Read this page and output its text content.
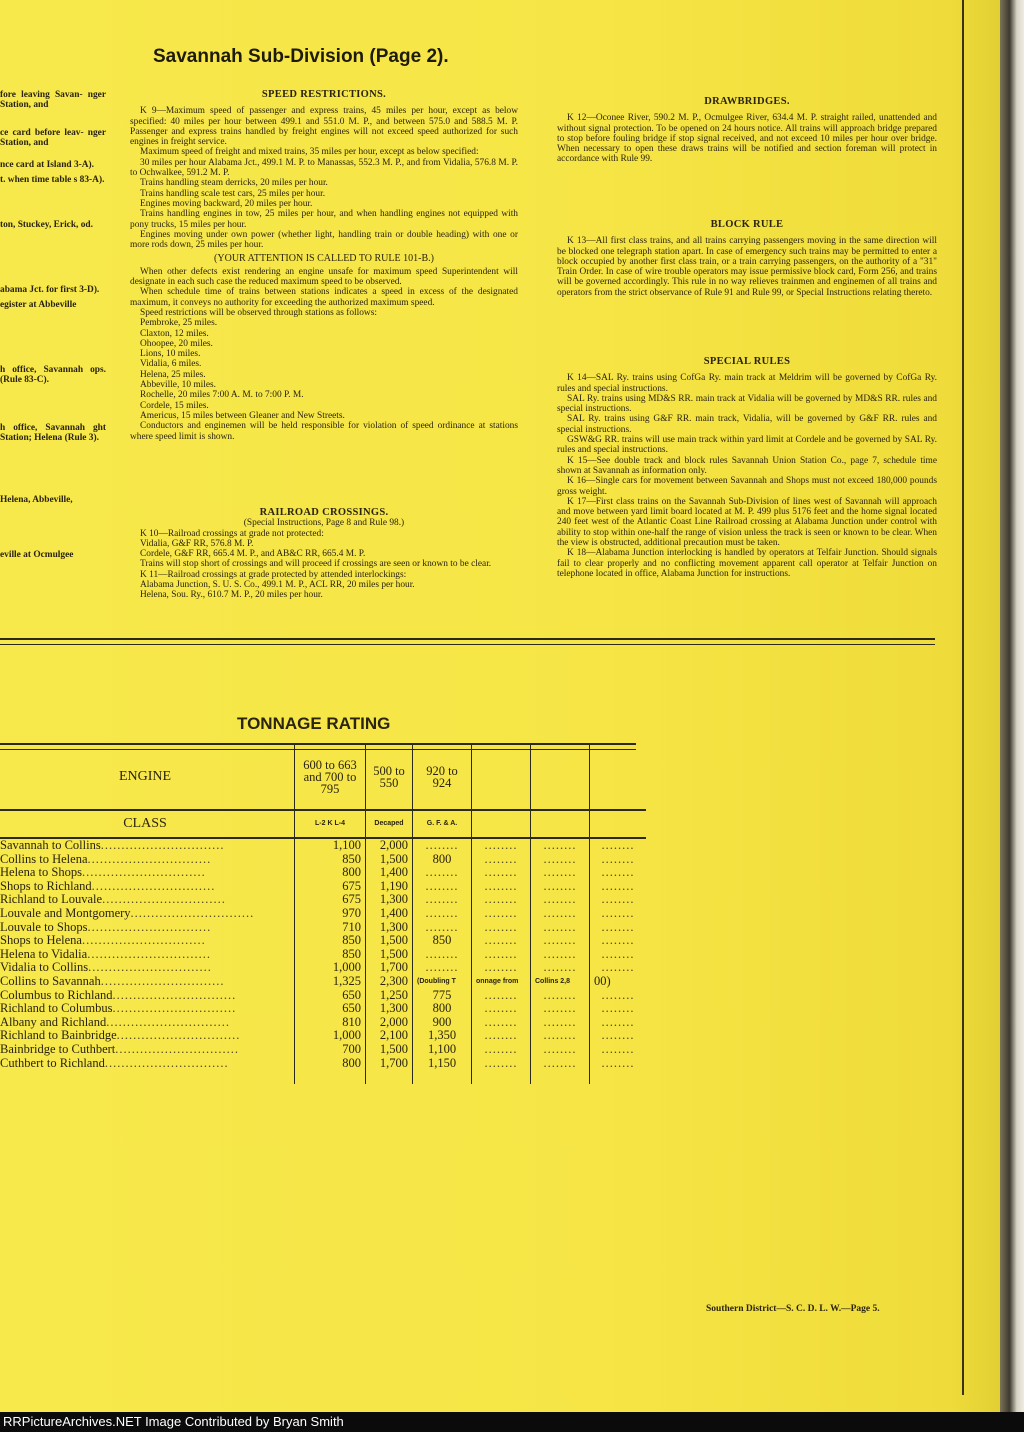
Savannah Sub-Division (Page 2).
SPEED RESTRICTIONS.

K 9—Maximum speed of passenger and express trains, 45 miles per hour, except as below specified: 40 miles per hour between 499.1 and 551.0 M. P., and between 575.0 and 588.5 M. P. Passenger and express trains handled by freight engines will not exceed speed authorized for such engines in freight service.

Maximum speed of freight and mixed trains, 35 miles per hour, except as below specified:

30 miles per hour Alabama Jct., 499.1 M. P. to Manassas, 552.3 M. P., and from Vidalia, 576.8 M. P. to Ochwalkee, 591.2 M. P.

Trains handling steam derricks, 20 miles per hour.

Trains handling scale test cars, 25 miles per hour.

Engines moving backward, 20 miles per hour.

Trains handling engines in tow, 25 miles per hour, and when handling engines not equipped with pony trucks, 15 miles per hour.

Engines moving under own power (whether light, handling train or double heading) with one or more rods down, 25 miles per hour.

(YOUR ATTENTION IS CALLED TO RULE 101-B.)

When other defects exist rendering an engine unsafe for maximum speed Superintendent will designate in each such case the reduced maximum speed to be observed.

When schedule time of trains between stations indicates a speed in excess of the designated maximum, it conveys no authority for exceeding the authorized maximum speed.

Speed restrictions will be observed through stations as follows:

Pembroke, 25 miles.

Claxton, 12 miles.

Ohoopee, 20 miles.

Lions, 10 miles.

Vidalia, 6 miles.

Helena, 25 miles.

Abbeville, 10 miles.

Rochelle, 20 miles 7:00 A. M. to 7:00 P. M.

Cordele, 15 miles.

Americus, 15 miles between Gleaner and New Streets.

Conductors and enginemen will be held responsible for violation of speed ordinance at stations where speed limit is shown.

RAILROAD CROSSINGS.

(Special Instructions, Page 8 and Rule 98.)

K 10—Railroad crossings at grade not protected:

Vidalia, G&F RR, 576.8 M. P.

Cordele, G&F RR, 665.4 M. P., and AB&C RR, 665.4 M. P.

Trains will stop short of crossings and will proceed if crossings are seen or known to be clear.

K 11—Railroad crossings at grade protected by attended interlockings:

Alabama Junction, S. U. S. Co., 499.1 M. P., ACL RR, 20 miles per hour.

Helena, Sou. Ry., 610.7 M. P., 20 miles per hour.

DRAWBRIDGES.

K 12—Oconee River, 590.2 M. P., Ocmulgee River, 634.4 M. P. straight railed, unattended and without signal protection. To be opened on 24 hours notice. All trains will approach bridge prepared to stop before fouling bridge if stop signal received, and not exceed 10 miles per hour over bridge. When necessary to open these draws trains will be notified and section foreman will protect in accordance with Rule 99.

BLOCK RULE

K 13—All first class trains, and all trains carrying passengers moving in the same direction will be blocked one telegraph station apart. In case of emergency such trains may be permitted to enter a block occupied by another first class train, or a train carrying passengers, on the authority of a "31" Train Order. In case of wire trouble operators may issue permissive block card, Form 256, and trains will be governed accordingly. This rule in no way relieves trainmen and enginemen of all trains and operators from the strict observance of Rule 91 and Rule 99, or Special Instructions relating thereto.

SPECIAL RULES

K 14—SAL Ry. trains using CofGa Ry. main track at Meldrim will be governed by CofGa Ry. rules and special instructions.

SAL Ry. trains using MD&S RR. main track at Vidalia will be governed by MD&S RR. rules and special instructions.

SAL Ry. trains using G&F RR. main track, Vidalia, will be governed by G&F RR. rules and special instructions.

GSW&G RR. trains will use main track within yard limit at Cordele and be governed by SAL Ry. rules and special instructions.

K 15—See double track and block rules Savannah Union Station Co., page 7, schedule time shown at Savannah as information only.

K 16—Single cars for movement between Savannah and Shops must not exceed 180,000 pounds gross weight.

K 17—First class trains on the Savannah Sub-Division of lines west of Savannah will approach and move between yard limit board located at M. P. 499 plus 5176 feet and the home signal located 240 feet west of the Atlantic Coast Line Railroad crossing at Alabama Junction under control with ability to stop within one-half the range of vision unless the track is seen or known to be clear. When the view is obstructed, additional precaution must be taken.

K 18—Alabama Junction interlocking is handled by operators at Telfair Junction. Should signals fail to clear properly and no conflicting movement apparent call operator at Telfair Junction on telephone located in office, Alabama Junction for instructions.

TONNAGE RATING
ENGINE	600 to 663 and 700 to 795	500 to 550	920 to 924			
CLASS	L-2 K L-4	Decaped	G. F. & A.			
Savannah to Collins..............................	1,100	2,000	........	........	........	........
Collins to Helena..............................	850	1,500	800	........	........	........
Helena to Shops..............................	800	1,400	........	........	........	........
Shops to Richland..............................	675	1,190	........	........	........	........
Richland to Louvale..............................	675	1,300	........	........	........	........
Louvale and Montgomery..............................	970	1,400	........	........	........	........
Louvale to Shops..............................	710	1,300	........	........	........	........
Shops to Helena..............................	850	1,500	850	........	........	........
Helena to Vidalia..............................	850	1,500	........	........	........	........
Vidalia to Collins..............................	1,000	1,700	........	........	........	........
Collins to Savannah..............................	1,325	2,300	(Doubling T	onnage from	Collins 2,8	00)
Columbus to Richland..............................	650	1,250	775	........	........	........
Richland to Columbus..............................	650	1,300	800	........	........	........
Albany and Richland..............................	810	2,000	900	........	........	........
Richland to Bainbridge..............................	1,000	2,100	1,350	........	........	........
Bainbridge to Cuthbert..............................	700	1,500	1,100	........	........	........
Cuthbert to Richland..............................	800	1,700	1,150	........	........	........

Southern District—S. C. D. L. W.—Page 5.
RRPictureArchives.NET Image Contributed by Bryan Smith
fore leaving Savan- nger Station, and
ce card before leav- nger Station, and
nce card at Island 3-A).
t. when time table s 83-A).
ton, Stuckey, Erick, od.
abama Jct. for first 3-D).
egister at Abbeville
h office, Savannah ops. (Rule 83-C).
h office, Savannah ght Station; Helena (Rule 3).
Helena, Abbeville,
eville at Ocmulgee
